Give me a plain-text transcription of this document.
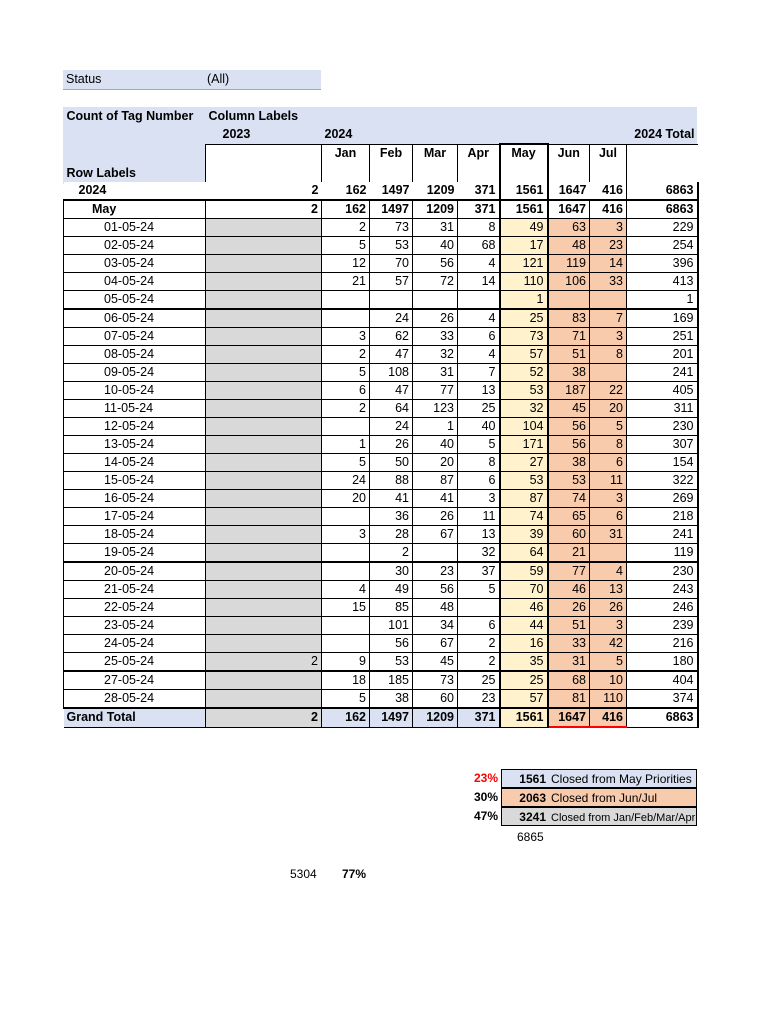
Status	(All)
Count of Tag Number	Column Labels								
	2023	2024							2024 Total
Row Labels		Jan	Feb	Mar	Apr	May	Jun	Jul	
2024	2	162	1497	1209	371	1561	1647	416	6863
May	2	162	1497	1209	371	1561	1647	416	6863
01-05-24		2	73	31	8	49	63	3	229
02-05-24		5	53	40	68	17	48	23	254
03-05-24		12	70	56	4	121	119	14	396
04-05-24		21	57	72	14	110	106	33	413
05-05-24						1			1
06-05-24			24	26	4	25	83	7	169
07-05-24		3	62	33	6	73	71	3	251
08-05-24		2	47	32	4	57	51	8	201
09-05-24		5	108	31	7	52	38		241
10-05-24		6	47	77	13	53	187	22	405
11-05-24		2	64	123	25	32	45	20	311
12-05-24			24	1	40	104	56	5	230
13-05-24		1	26	40	5	171	56	8	307
14-05-24		5	50	20	8	27	38	6	154
15-05-24		24	88	87	6	53	53	11	322
16-05-24		20	41	41	3	87	74	3	269
17-05-24			36	26	11	74	65	6	218
18-05-24		3	28	67	13	39	60	31	241
19-05-24			2		32	64	21		119
20-05-24			30	23	37	59	77	4	230
21-05-24		4	49	56	5	70	46	13	243
22-05-24		15	85	48		46	26	26	246
23-05-24			101	34	6	44	51	3	239
24-05-24			56	67	2	16	33	42	216
25-05-24	2	9	53	45	2	35	31	5	180
27-05-24		18	185	73	25	25	68	10	404
28-05-24		5	38	60	23	57	81	110	374
Grand Total	2	162	1497	1209	371	1561	1647	416	6863
23%	1561 Closed from May Priorities
30%	2063 Closed from Jun/Jul
47%	3241 Closed from Jan/Feb/Mar/Apr
6865
5304 77%
